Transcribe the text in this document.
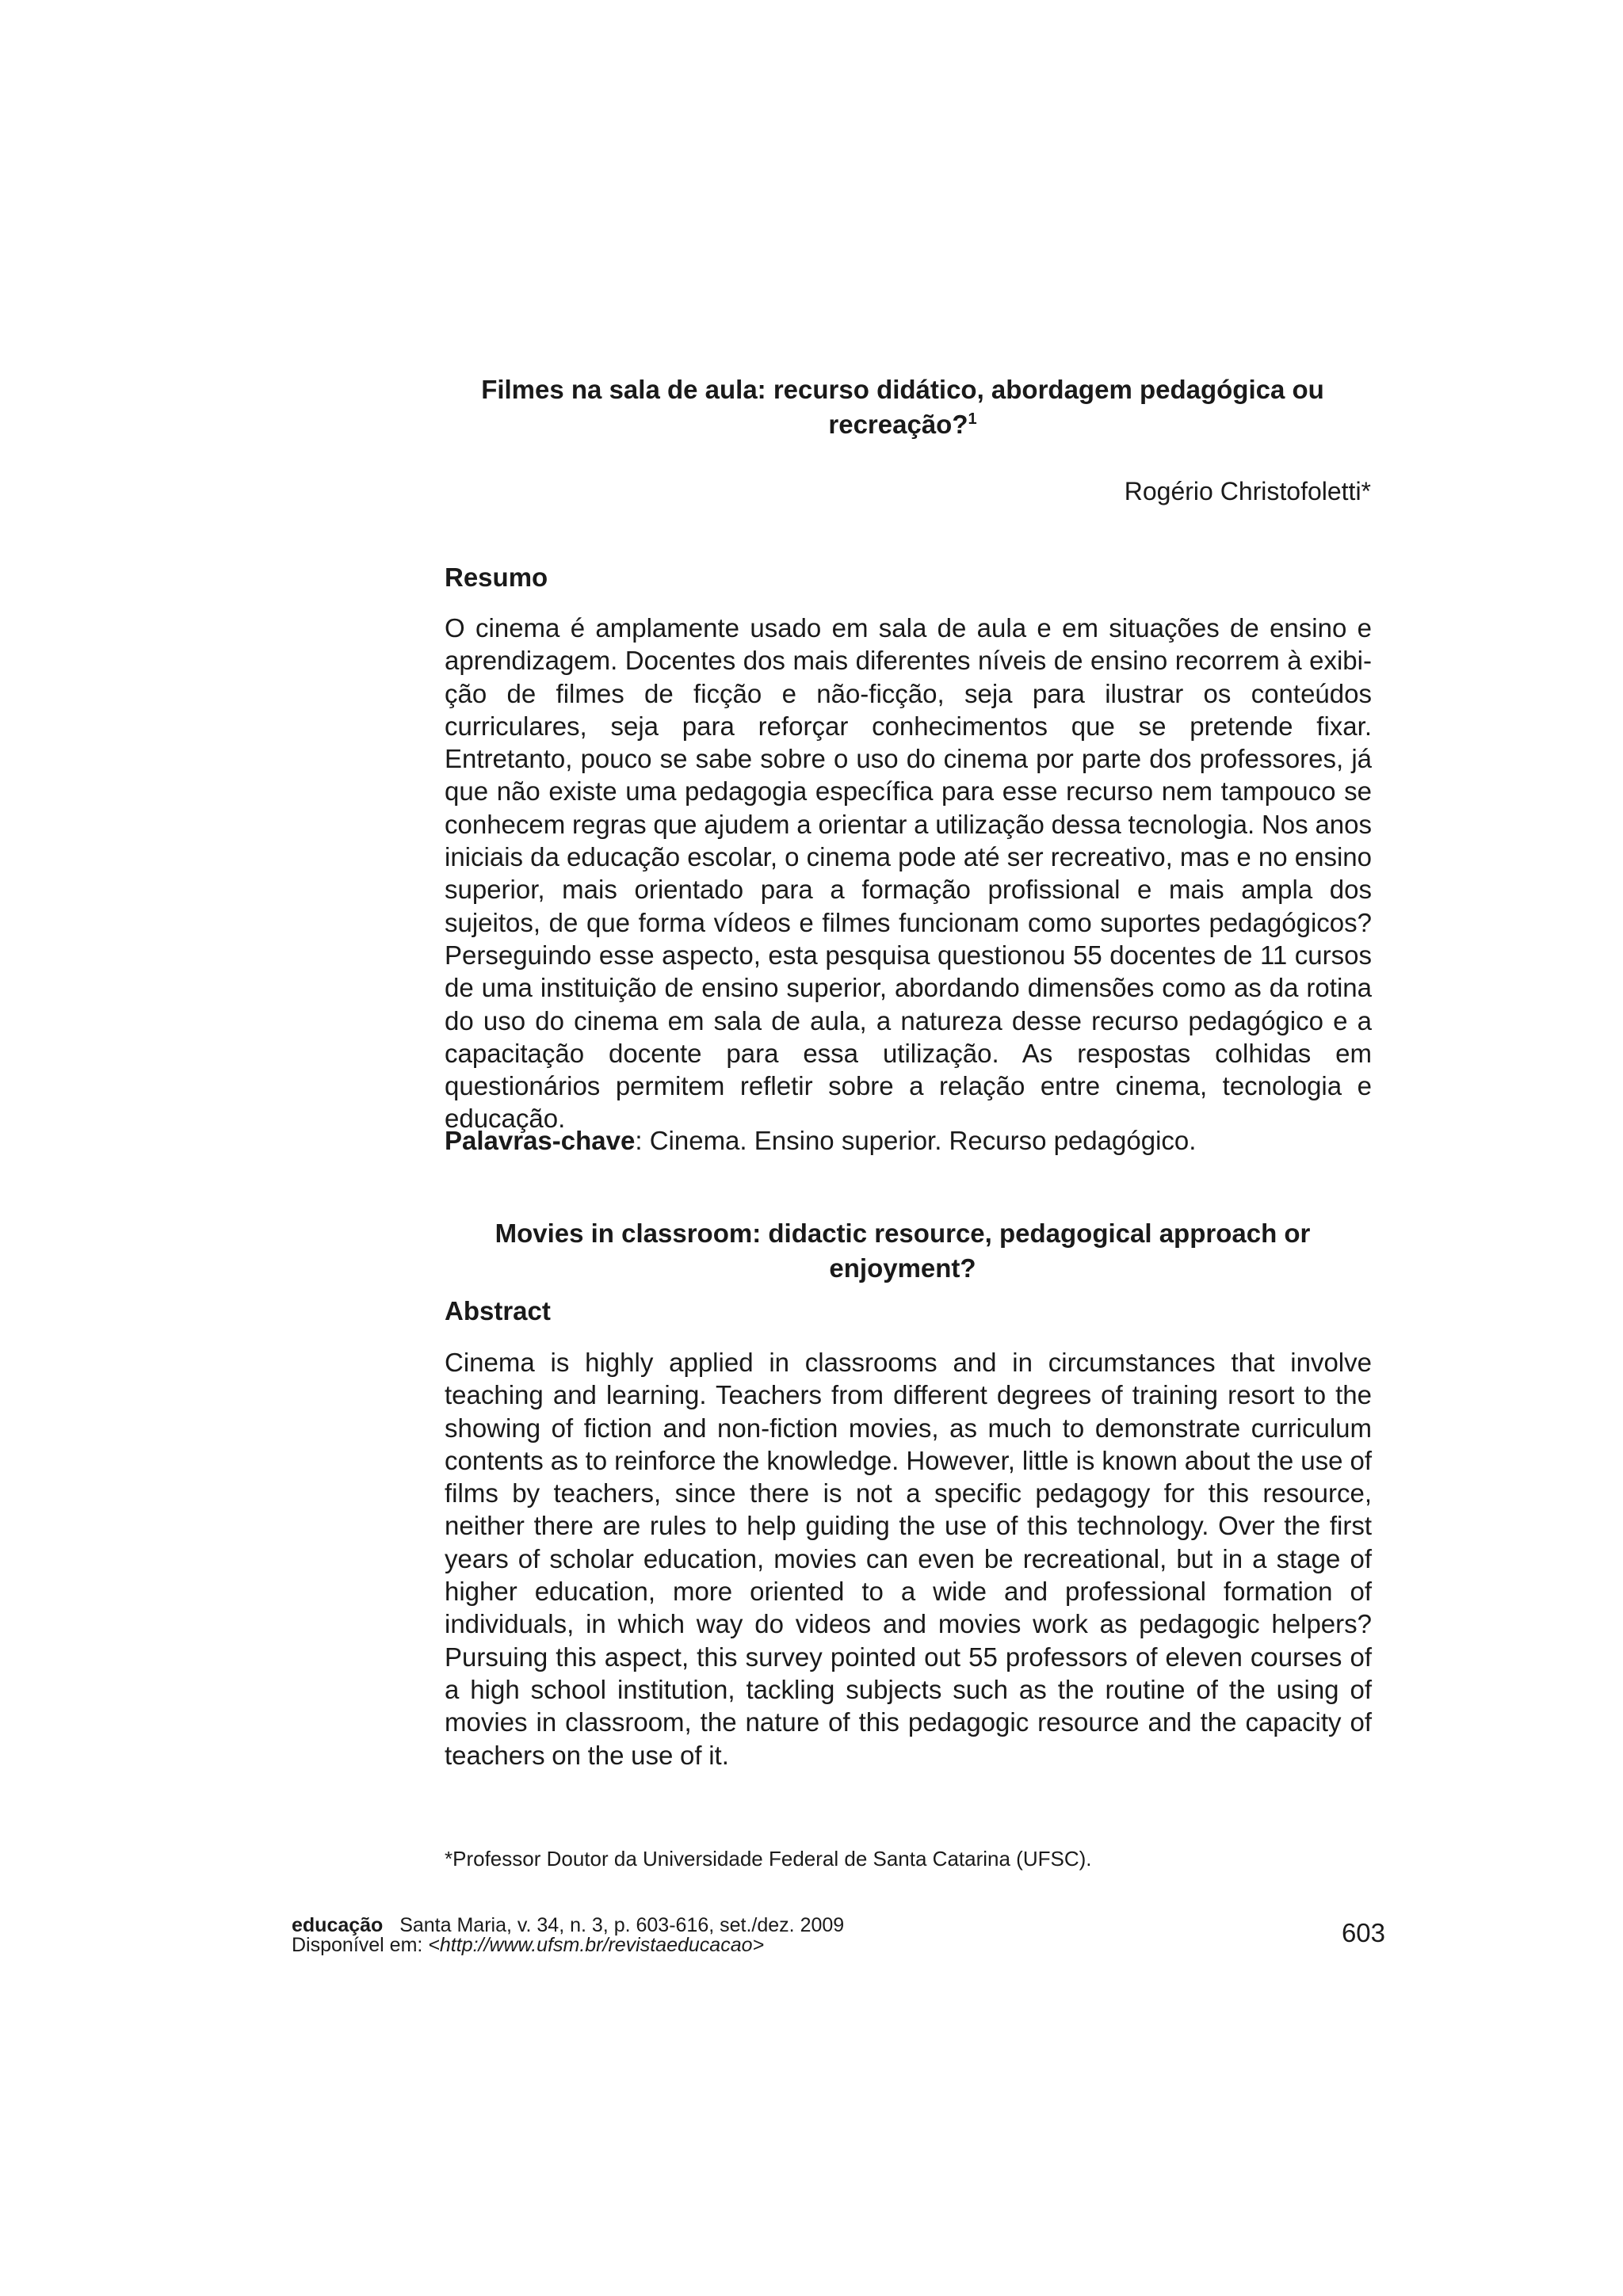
Filmes na sala de aula: recurso didático, abordagem pedagógica ou recreação?$^1$
Rogério Christofoletti*
Resumo
O cinema é amplamente usado em sala de aula e em situações de ensino e aprendizagem. Docentes dos mais diferentes níveis de ensino recorrem à exibição de filmes de ficção e não-ficção, seja para ilustrar os conteúdos curriculares, seja para reforçar conhecimentos que se pretende fixar. Entretanto, pouco se sabe sobre o uso do cinema por parte dos professores, já que não existe uma pedagogia específica para esse recurso nem tampouco se conhecem regras que ajudem a orientar a utilização dessa tecnologia. Nos anos iniciais da educação escolar, o cinema pode até ser recreativo, mas e no ensino superior, mais orientado para a formação profissional e mais ampla dos sujeitos, de que forma vídeos e filmes funcionam como suportes pedagógicos? Perseguindo esse aspecto, esta pesquisa questionou 55 docentes de 11 cursos de uma instituição de ensino superior, abordando dimensões como as da rotina do uso do cinema em sala de aula, a natureza desse recurso pedagógico e a capacitação docente para essa utilização. As respostas colhidas em questionários permitem refletir sobre a relação entre cinema, tecnologia e educação.
Palavras-chave: Cinema. Ensino superior. Recurso pedagógico.
Movies in classroom: didactic resource, pedagogical approach or enjoyment?
Abstract
Cinema is highly applied in classrooms and in circumstances that involve teaching and learning. Teachers from different degrees of training resort to the showing of fiction and non-fiction movies, as much to demonstrate curriculum contents as to reinforce the knowledge. However, little is known about the use of films by teachers, since there is not a specific pedagogy for this resource, neither there are rules to help guiding the use of this technology. Over the first years of scholar education, movies can even be recreational, but in a stage of higher education, more oriented to a wide and professional formation of individuals, in which way do videos and movies work as pedagogic helpers? Pursuing this aspect, this survey pointed out 55 professors of eleven courses of a high school institution, tackling subjects such as the routine of the using of movies in classroom, the nature of this pedagogic resource and the capacity of teachers on the use of it.
*Professor Doutor da Universidade Federal de Santa Catarina (UFSC).
educação Santa Maria, v. 34, n. 3, p. 603-616, set./dez. 2009
Disponível em: <http://www.ufsm.br/revistaeducacao>	603
